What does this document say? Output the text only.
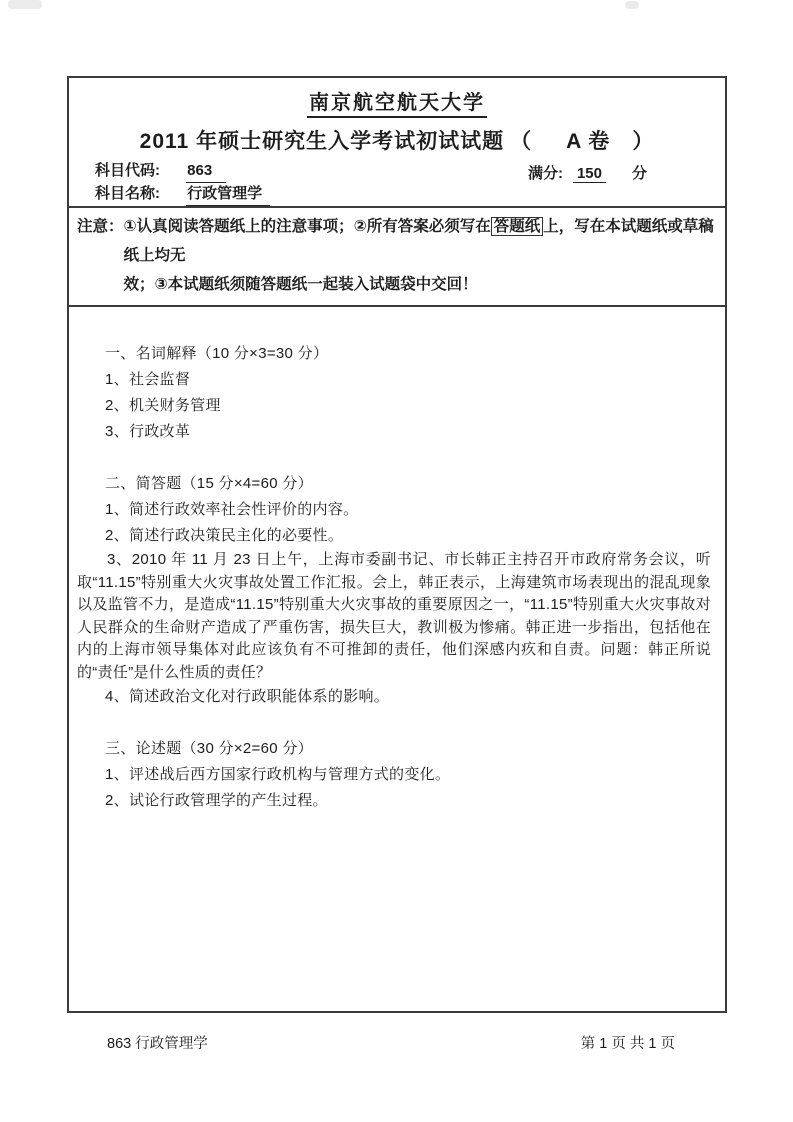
南京航空航天大学
2011 年硕士研究生入学考试初试试题 （ A 卷 ）
科目代码: 863
科目名称: 行政管理学
满分: 150 分
注意： ①认真阅读答题纸上的注意事项；②所有答案必须写在 答题纸 上，写在本试题纸或草稿纸上均无
效；③本试题纸须随答题纸一起装入试题袋中交回！
一、名词解释（10 分×3=30 分）
1、社会监督
2、机关财务管理
3、行政改革
二、简答题（15 分×4=60 分）
1、简述行政效率社会性评价的内容。
2、简述行政决策民主化的必要性。
3、2010 年 11 月 23 日上午，上海市委副书记、市长韩正主持召开市政府常务会议，听取“11.15”特别重大火灾事故处置工作汇报。会上，韩正表示，上海建筑市场表现出的混乱现象以及监管不力，是造成“11.15”特别重大火灾事故的重要原因之一，“11.15”特别重大火灾事故对人民群众的生命财产造成了严重伤害，损失巨大，教训极为惨痛。韩正进一步指出，包括他在内的上海市领导集体对此应该负有不可推卸的责任，他们深感内疚和自责。问题：韩正所说的“责任”是什么性质的责任？
4、简述政治文化对行政职能体系的影响。
三、论述题（30 分×2=60 分）
1、评述战后西方国家行政机构与管理方式的变化。
2、试论行政管理学的产生过程。
863 行政管理学	第 1 页 共 1 页
